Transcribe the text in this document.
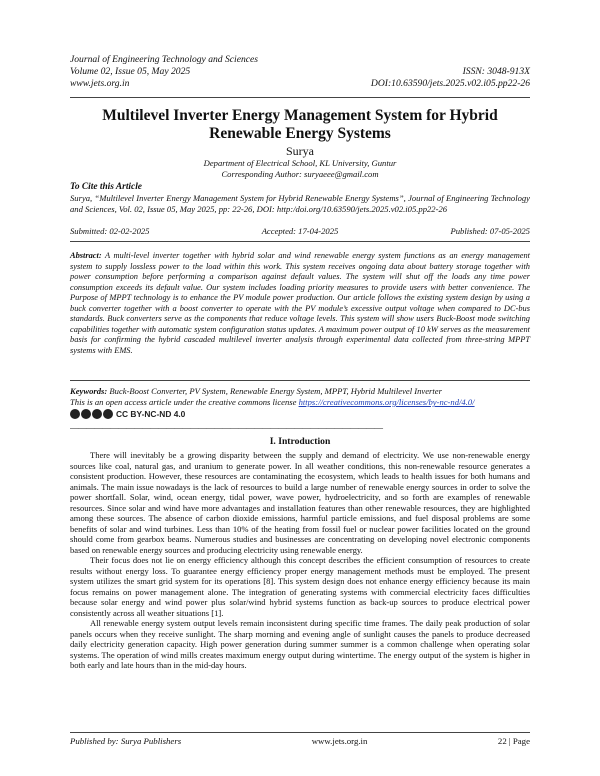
Journal of Engineering Technology and Sciences
Volume 02, Issue 05, May 2025	ISSN: 3048-913X
www.jets.org.in	DOI:10.63590/jets.2025.v02.i05.pp22-26
Multilevel Inverter Energy Management System for Hybrid
Renewable Energy Systems
Surya
Department of Electrical School, KL University, Guntur
Corresponding Author: suryaeee@gmail.com
To Cite this Article
Surya, “Multilevel Inverter Energy Management System for Hybrid Renewable Energy Systems”, Journal of Engineering Technology and Sciences, Vol. 02, Issue 05, May 2025, pp: 22-26, DOI: http:/doi.org/10.63590/jets.2025.v02.i05.pp22-26
Submitted: 02-02-2025	Accepted: 17-04-2025	Published: 07-05-2025
Abstract: A multi-level inverter together with hybrid solar and wind renewable energy system functions as an energy management system to supply lossless power to the load within this work. This system receives ongoing data about battery storage together with power consumption before performing a comparison against default values. The system will shut off the loads any time power consumption exceeds its default value. Our system includes loading priority measures to provide users with better convenience. The Purpose of MPPT technology is to enhance the PV module power production. Our article follows the existing system design by using a buck converter together with a boost converter to operate with the PV module’s excessive output voltage when compared to DC-bus standards. Buck converters serve as the components that reduce voltage levels. This system will show users Buck-Boost mode switching capabilities together with automatic system configuration status updates. A maximum power output of 10 kW serves as the measurement basis for confirming the hybrid cascaded multilevel inverter analysis through experimental data collected from three-string MPPT systems with EMS.
Keywords: Buck-Boost Converter, PV System, Renewable Energy System, MPPT, Hybrid Multilevel Inverter
This is an open access article under the creative commons license https://creativecommons.org/licenses/by-nc-nd/4.0/
CC BY-NC-ND 4.0
———————————————————————————————————————
I. Introduction

There will inevitably be a growing disparity between the supply and demand of electricity. We use non-renewable energy sources like coal, natural gas, and uranium to generate power. In all weather conditions, this non-renewable resource generates a consistent production. However, these resources are contaminating the ecosystem, which leads to health issues for both humans and animals. The main issue nowadays is the lack of resources to build a large number of renewable energy sources in order to solve the power shortfall. Solar, wind, ocean energy, tidal power, wave power, hydroelectricity, and so forth are examples of renewable resources. Since solar and wind have more advantages and installation features than other renewable resources, they are highlighted among these sources. The absence of carbon dioxide emissions, harmful particle emissions, and fuel disposal problems are some benefits of solar and wind turbines. Less than 10% of the heating from fossil fuel or nuclear power facilities located on the ground should come from gearbox beams. Numerous studies and businesses are concentrating on developing novel electronic components based on renewable energy sources and producing electricity using renewable energy.

Their focus does not lie on energy efficiency although this concept describes the efficient consumption of resources to create results without energy loss. To guarantee energy efficiency proper energy management methods must be employed. The present system utilizes the smart grid system for its operations [8]. This system design does not enhance energy efficiency because its main focus remains on power management alone. The integration of generating systems with commercial electricity faces difficulties because solar energy and wind power plus solar/wind hybrid systems function as back-up sources to produce electrical power consistently across all weather situations [1].

All renewable energy system output levels remain inconsistent during specific time frames. The daily peak production of solar panels occurs when they receive sunlight. The sharp morning and evening angle of sunlight causes the panels to produce decreased daily electricity generation capacity. High power generation during summer summer is a common challenge when operating solar systems. The operation of wind mills creates maximum energy output during wintertime. The energy output of the system is higher in both early and late hours than in the mid-day hours.

Published by: Surya Publishers	www.jets.org.in	22 | Page
